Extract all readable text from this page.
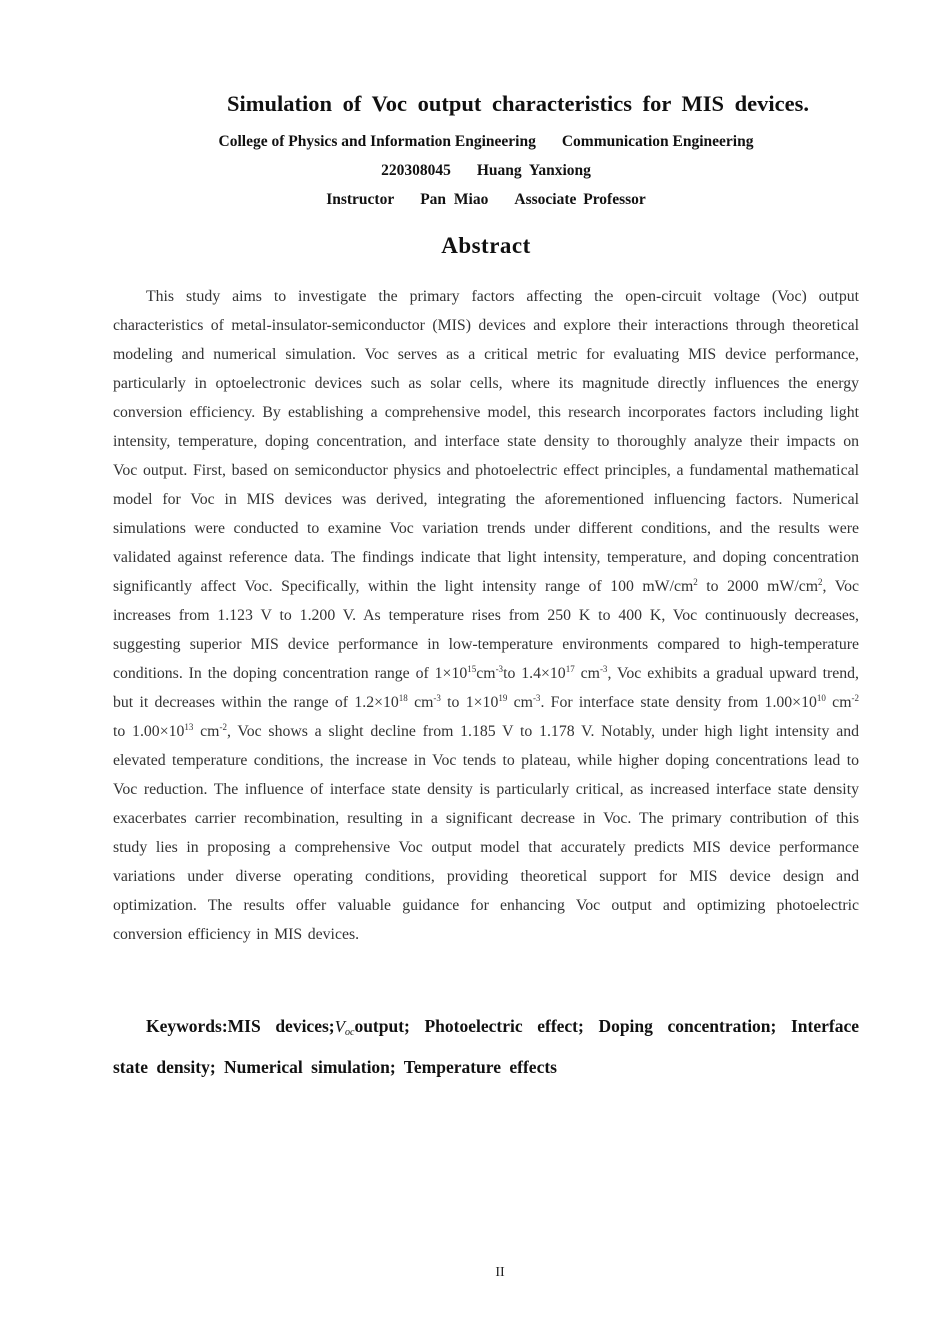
Simulation of Voc output characteristics for MIS devices.
College of Physics and Information Engineering Communication Engineering
220308045 Huang Yanxiong
Instructor Pan Miao Associate Professor
Abstract

This study aims to investigate the primary factors affecting the open-circuit voltage (Voc) output characteristics of metal-insulator-semiconductor (MIS) devices and explore their interactions through theoretical modeling and numerical simulation. Voc serves as a critical metric for evaluating MIS device performance, particularly in optoelectronic devices such as solar cells, where its magnitude directly influences the energy conversion efficiency. By establishing a comprehensive model, this research incorporates factors including light intensity, temperature, doping concentration, and interface state density to thoroughly analyze their impacts on Voc output. First, based on semiconductor physics and photoelectric effect principles, a fundamental mathematical model for Voc in MIS devices was derived, integrating the aforementioned influencing factors. Numerical simulations were conducted to examine Voc variation trends under different conditions, and the results were validated against reference data. The findings indicate that light intensity, temperature, and doping concentration significantly affect Voc. Specifically, within the light intensity range of 100 $mW/cm^2$ to 2000 $mW/cm^2$, Voc increases from 1.123 V to 1.200 V. As temperature rises from 250 K to 400 K, Voc continuously decreases, suggesting superior MIS device performance in low-temperature environments compared to high-temperature conditions. In the doping concentration range of $1\times 10^{15}cm^{-3}to$ $1.4\times 10^{17}$ $cm^{-3}$, Voc exhibits a gradual upward trend, but it decreases within the range of $1.2\times 10^{18}$ $cm^{-3}$ to $1\times 10^{19}$ $cm^{-3}$. For interface state density from $1.00\times 10^{10}$ $cm^{-2}$ to $1.00\times 10^{13}$ $cm^{-2}$, Voc shows a slight decline from 1.185 V to 1.178 V. Notably, under high light intensity and elevated temperature conditions, the increase in Voc tends to plateau, while higher doping concentrations lead to Voc reduction. The influence of interface state density is particularly critical, as increased interface state density exacerbates carrier recombination, resulting in a significant decrease in Voc. The primary contribution of this study lies in proposing a comprehensive Voc output model that accurately predicts MIS device performance variations under diverse operating conditions, providing theoretical support for MIS device design and optimization. The results offer valuable guidance for enhancing Voc output and optimizing photoelectric conversion efficiency in MIS devices.

Keywords:MIS $devices;V_{oc}output$; Photoelectric effect; Doping concentration; Interface state density; Numerical simulation; Temperature effects

II
